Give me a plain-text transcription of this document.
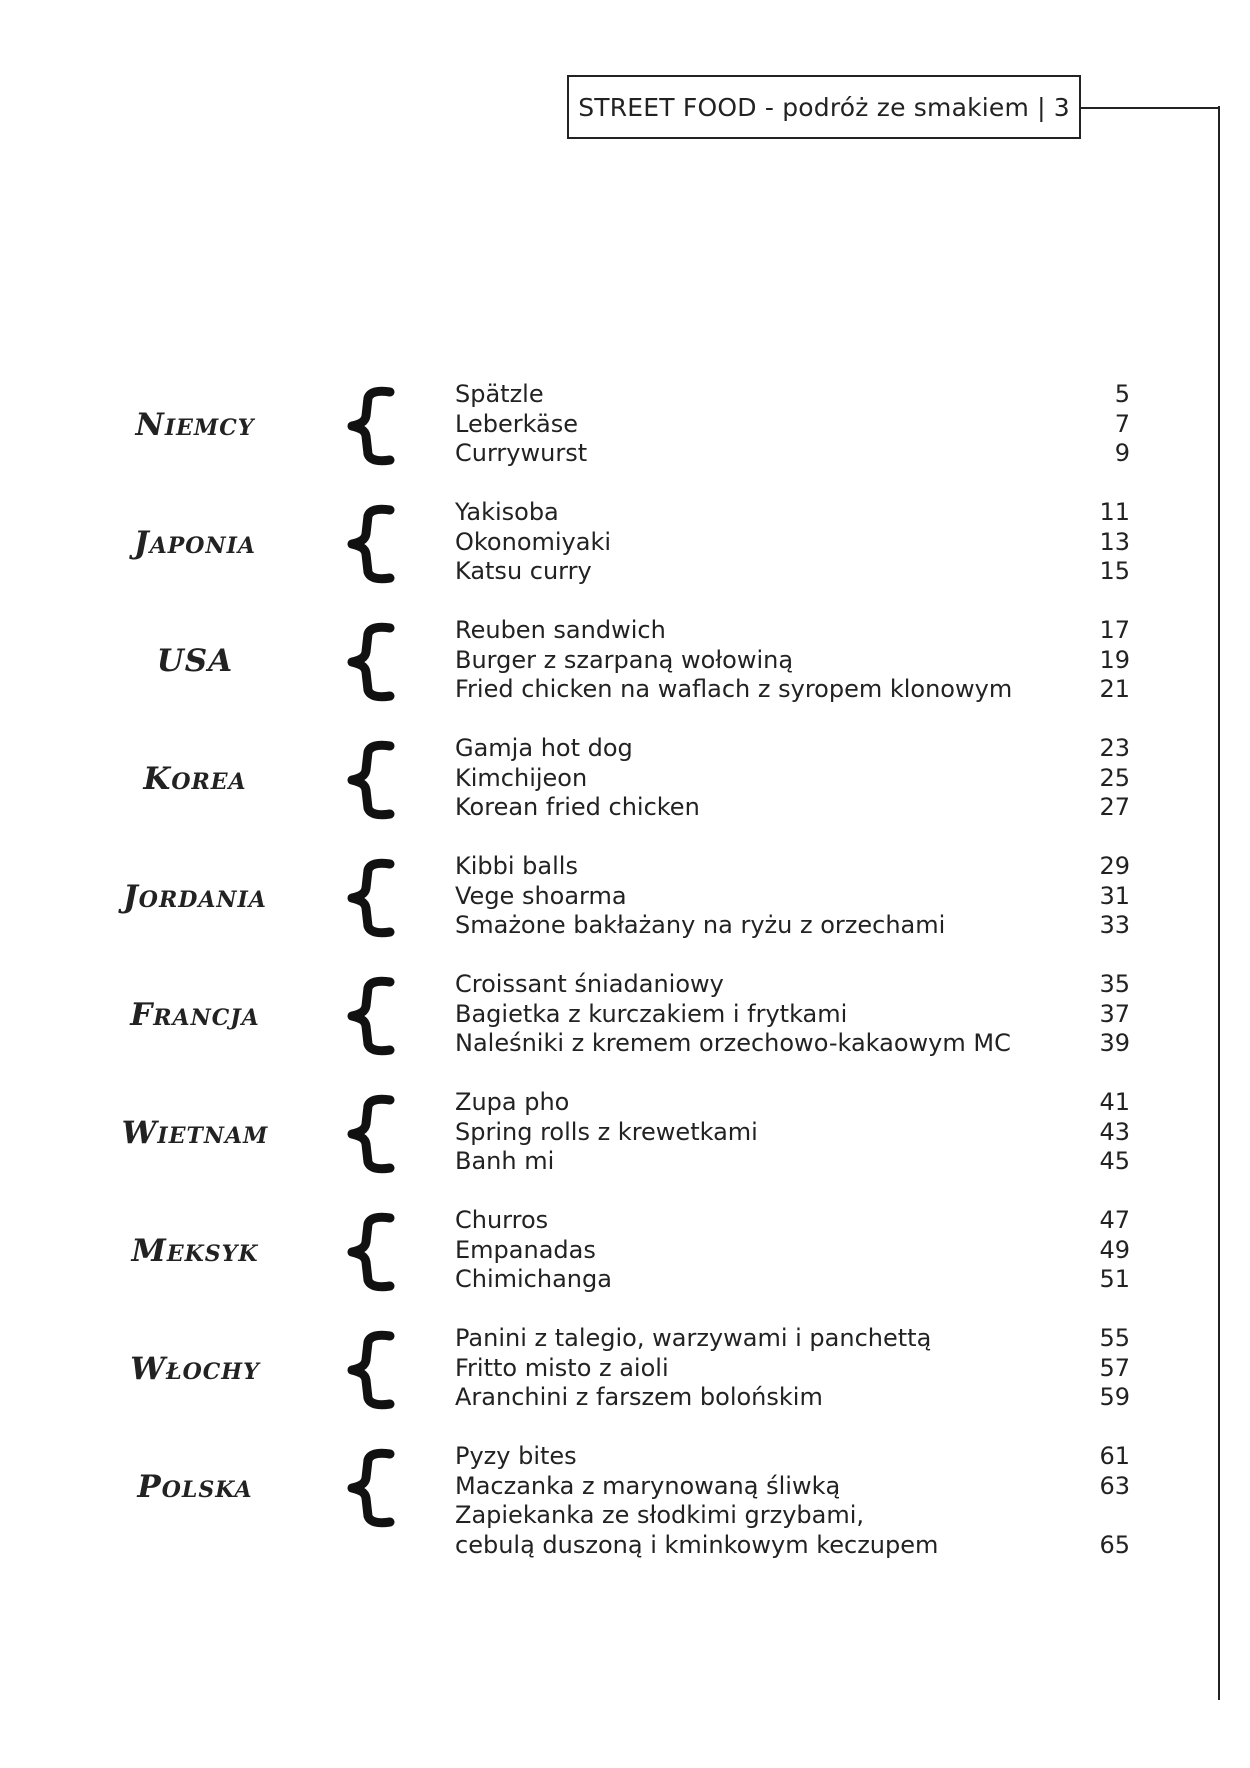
STREET FOOD
- podróż ze smakiem | 3
Niemcy
Spätzle	5
Leberkäse	7
Currywurst	9
Japonia
Yakisoba	11
Okonomiyaki	13
Katsu curry	15
USA
Reuben sandwich	17
Burger z szarpaną wołowiną	19
Fried chicken na waflach z syropem klonowym	21
Korea
Gamja hot dog	23
Kimchijeon	25
Korean fried chicken	27
Jordania
Kibbi balls	29
Vege shoarma	31
Smażone bakłażany na ryżu z orzechami	33
Francja
Croissant śniadaniowy	35
Bagietka z kurczakiem i frytkami	37
Naleśniki z kremem orzechowo-kakaowym MC	39
Wietnam
Zupa pho	41
Spring rolls z krewetkami	43
Banh mi	45
Meksyk
Churros	47
Empanadas	49
Chimichanga	51
Włochy
Panini z talegio, warzywami i panchettą	55
Fritto misto z aioli	57
Aranchini z farszem bolońskim	59
Polska
Pyzy bites	61
Maczanka z marynowaną śliwką	63
Zapiekanka ze słodkimi grzybami,
cebulą duszoną i kminkowym keczupem	65
